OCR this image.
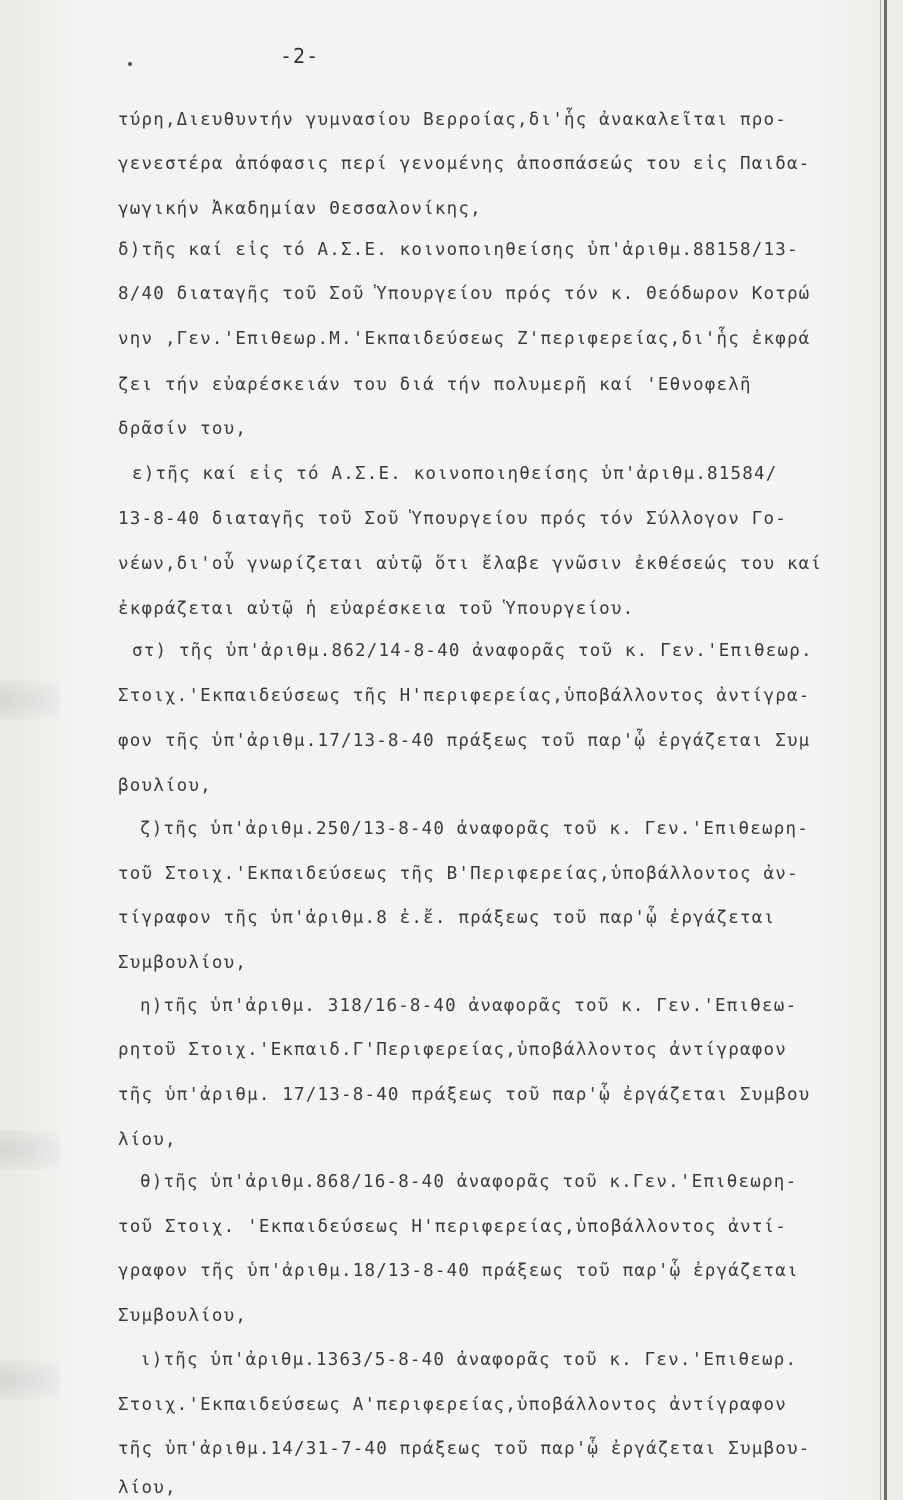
-2-
τύρη,Διευθυντήν γυμνασίου Βερροίας,δι'ἧς ἀνακαλεῖται προ-
γενεστέρα ἀπόφασις περί γενομένης ἀποσπάσεώς του εἰς Παιδα-
γωγικήν Ἀκαδημίαν Θεσσαλονίκης,
δ)τῆς καί εἰς τό Α.Σ.Ε. κοινοποιηθείσης ὑπ'ἀριθμ.88158/13-
8/40 διαταγῆς τοῦ Σοῦ Ὑπουργείου πρός τόν κ. Θεόδωρον Κοτρώ
νην ,Γεν.'Επιθεωρ.Μ.'Εκπαιδεύσεως Ζ'περιφερείας,δι'ἧς ἐκφρά
ζει τήν εὐαρέσκειάν του διά τήν πολυμερῆ καί 'Εθνοφελῆ
δρᾶσίν του,
ε)τῆς καί εἰς τό Α.Σ.Ε. κοινοποιηθείσης ὑπ'ἀριθμ.81584/
13-8-40 διαταγῆς τοῦ Σοῦ Ὑπουργείου πρός τόν Σύλλογον Γο-
νέων,δι'οὗ γνωρίζεται αὐτῷ ὅτι ἔλαβε γνῶσιν ἐκθέσεώς του καί
ἐκφράζεται αὐτῷ ἡ εὐαρέσκεια τοῦ Ὑπουργείου.
στ) τῆς ὑπ'ἀριθμ.862/14-8-40 ἀναφορᾶς τοῦ κ. Γεν.'Επιθεωρ.
Στοιχ.'Εκπαιδεύσεως τῆς Η'περιφερείας,ὑποβάλλοντος ἀντίγρα-
φον τῆς ὑπ'ἀριθμ.17/13-8-40 πράξεως τοῦ παρ'ᾧ ἐργάζεται Συμ
βουλίου,
ζ)τῆς ὑπ'ἀριθμ.250/13-8-40 ἀναφορᾶς τοῦ κ. Γεν.'Επιθεωρη-
τοῦ Στοιχ.'Εκπαιδεύσεως τῆς Β'Περιφερείας,ὑποβάλλοντος ἀν-
τίγραφον τῆς ὑπ'ἀριθμ.8 ἐ.ἔ. πράξεως τοῦ παρ'ᾧ ἐργάζεται
Συμβουλίου,
η)τῆς ὑπ'ἀριθμ. 318/16-8-40 ἀναφορᾶς τοῦ κ. Γεν.'Επιθεω-
ρητοῦ Στοιχ.'Εκπαιδ.Γ'Περιφερείας,ὑποβάλλοντος ἀντίγραφον
τῆς ὑπ'ἀριθμ. 17/13-8-40 πράξεως τοῦ παρ'ᾧ ἐργάζεται Συμβου
λίου,
θ)τῆς ὑπ'ἀριθμ.868/16-8-40 ἀναφορᾶς τοῦ κ.Γεν.'Επιθεωρη-
τοῦ Στοιχ. 'Εκπαιδεύσεως Η'περιφερείας,ὑποβάλλοντος ἀντί-
γραφον τῆς ὑπ'ἀριθμ.18/13-8-40 πράξεως τοῦ παρ'ᾧ ἐργάζεται
Συμβουλίου,
ι)τῆς ὑπ'ἀριθμ.1363/5-8-40 ἀναφορᾶς τοῦ κ. Γεν.'Επιθεωρ.
Στοιχ.'Εκπαιδεύσεως Α'περιφερείας,ὑποβάλλοντος ἀντίγραφον
τῆς ὑπ'ἀριθμ.14/31-7-40 πράξεως τοῦ παρ'ᾧ ἐργάζεται Συμβου-
λίου,
